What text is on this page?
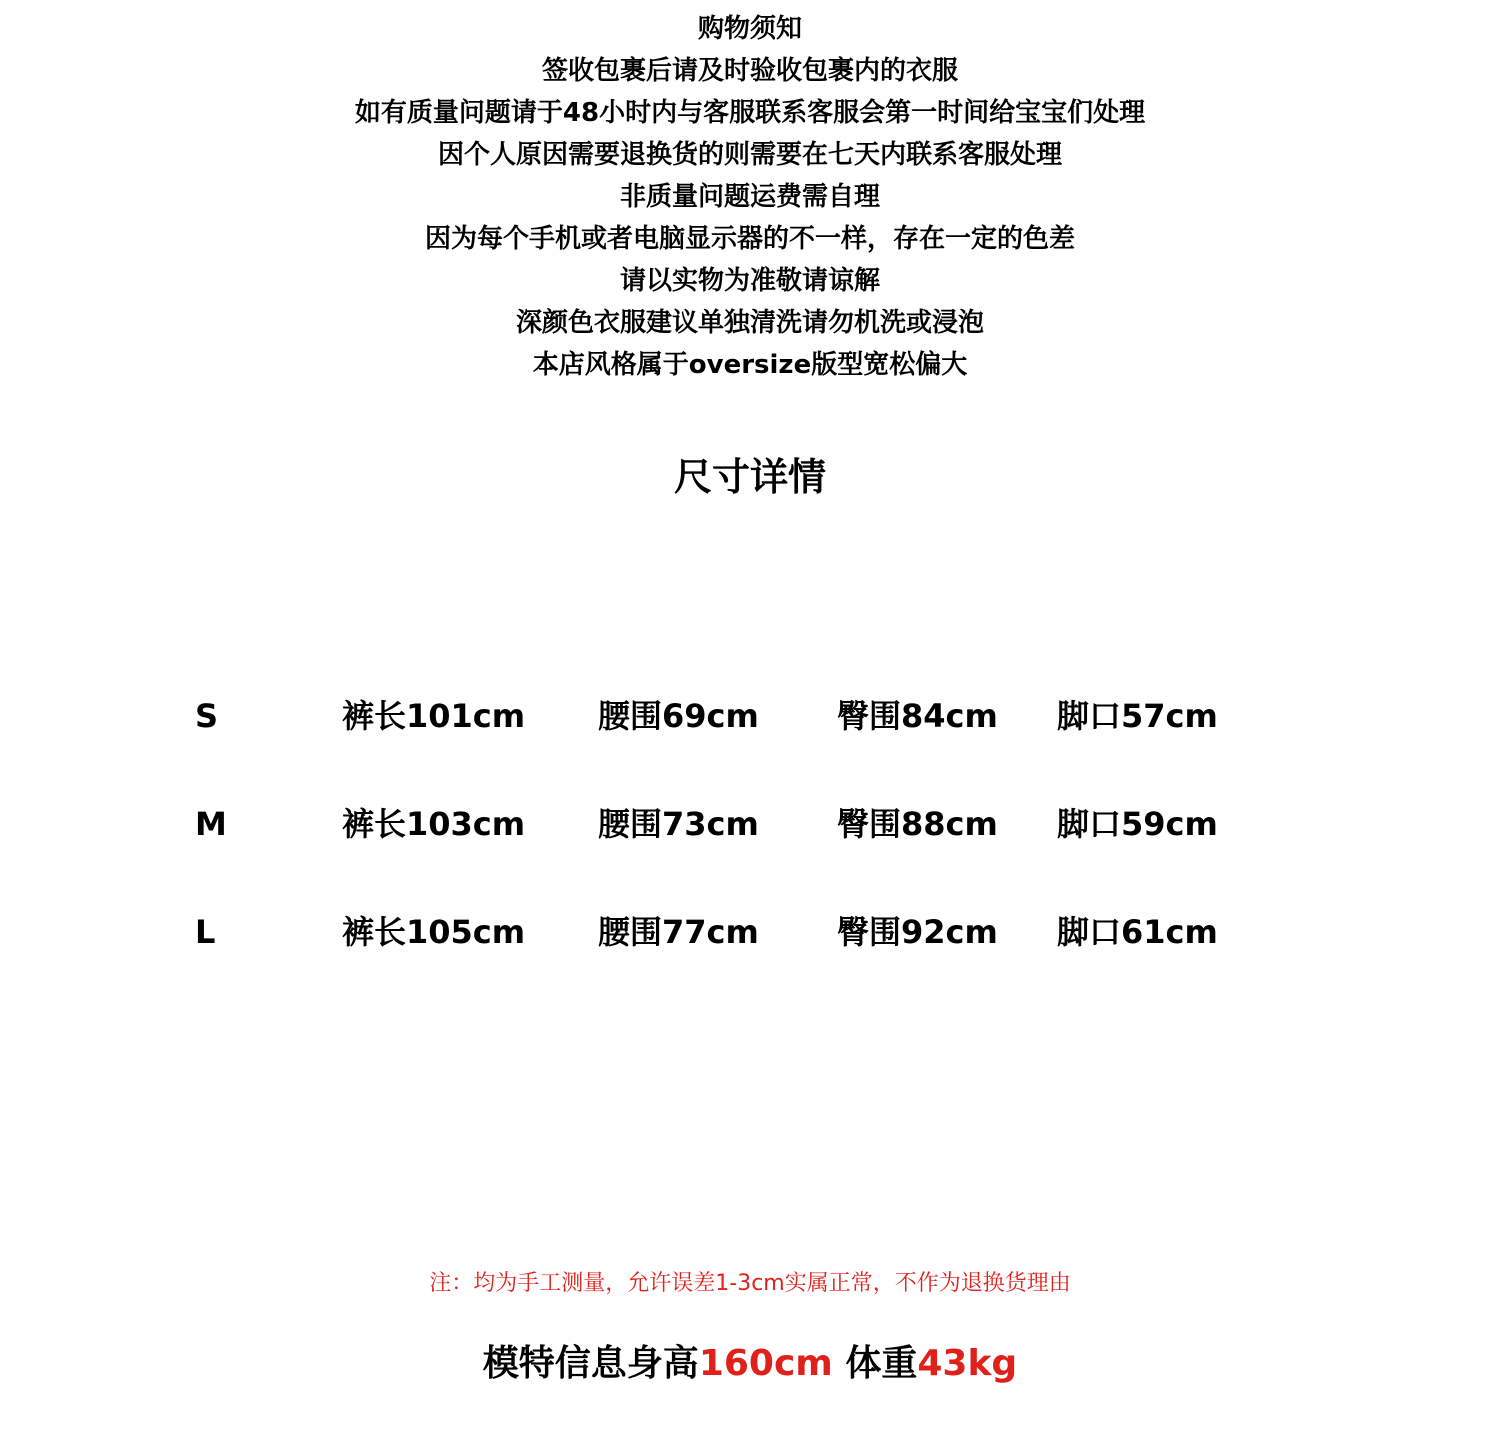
购物须知
签收包裹后请及时验收包裹内的衣服
如有质量问题请于48小时内与客服联系客服会第一时间给宝宝们处理
因个人原因需要退换货的则需要在七天内联系客服处理
非质量问题运费需自理
因为每个手机或者电脑显示器的不一样，存在一定的色差
请以实物为准敬请谅解
深颜色衣服建议单独清洗请勿机洗或浸泡
本店风格属于oversize版型宽松偏大
尺寸详情
S	裤长101cm 腰围69cm 臀围84cm 脚口57cm
M	裤长103cm 腰围73cm 臀围88cm 脚口59cm
L	裤长105cm 腰围77cm 臀围92cm 脚口61cm
注：均为手工测量，允许误差1-3cm实属正常，不作为退换货理由
模特信息身高160cm 体重43kg
